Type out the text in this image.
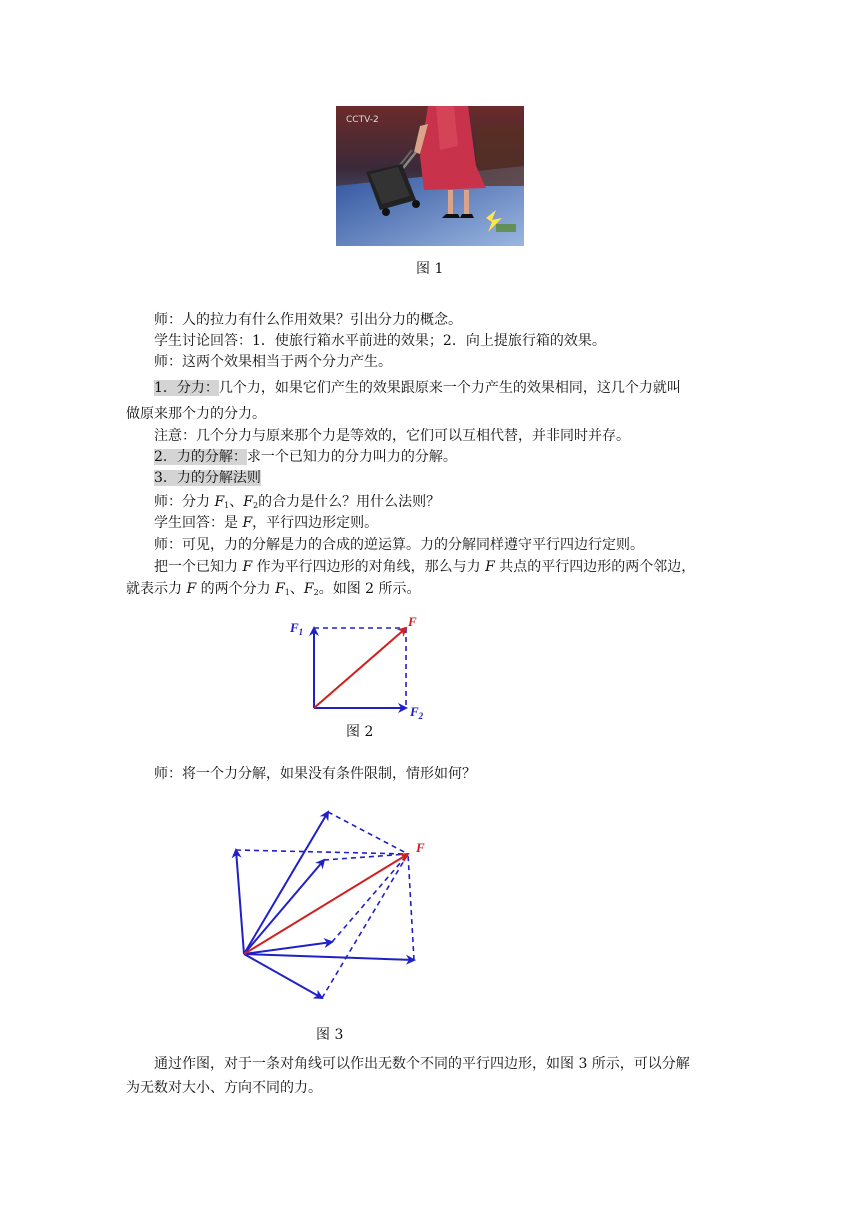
CCTV-2
图 1
师：人的拉力有什么作用效果？引出分力的概念。
学生讨论回答：1．使旅行箱水平前进的效果；2．向上提旅行箱的效果。
师：这两个效果相当于两个分力产生。
1．分力：几个力，如果它们产生的效果跟原来一个力产生的效果相同，这几个力就叫
做原来那个力的分力。
注意：几个分力与原来那个力是等效的，它们可以互相代替，并非同时并存。
2．力的分解：求一个已知力的分力叫力的分解。
3．力的分解法则
师：分力 $F_1$、$F_2$的合力是什么？用什么法则？
学生回答：是 F，平行四边形定则。
师：可见，力的分解是力的合成的逆运算。力的分解同样遵守平行四边行定则。
把一个已知力 F 作为平行四边形的对角线，那么与力 F 共点的平行四边形的两个邻边，
就表示力 F 的两个分力 $F_1$、$F_2$。如图 2 所示。
$F_1$
F
$F_2$
图 2
师：将一个力分解，如果没有条件限制，情形如何？
F
图 3
通过作图，对于一条对角线可以作出无数个不同的平行四边形，如图 3 所示，可以分解
为无数对大小、方向不同的力。
